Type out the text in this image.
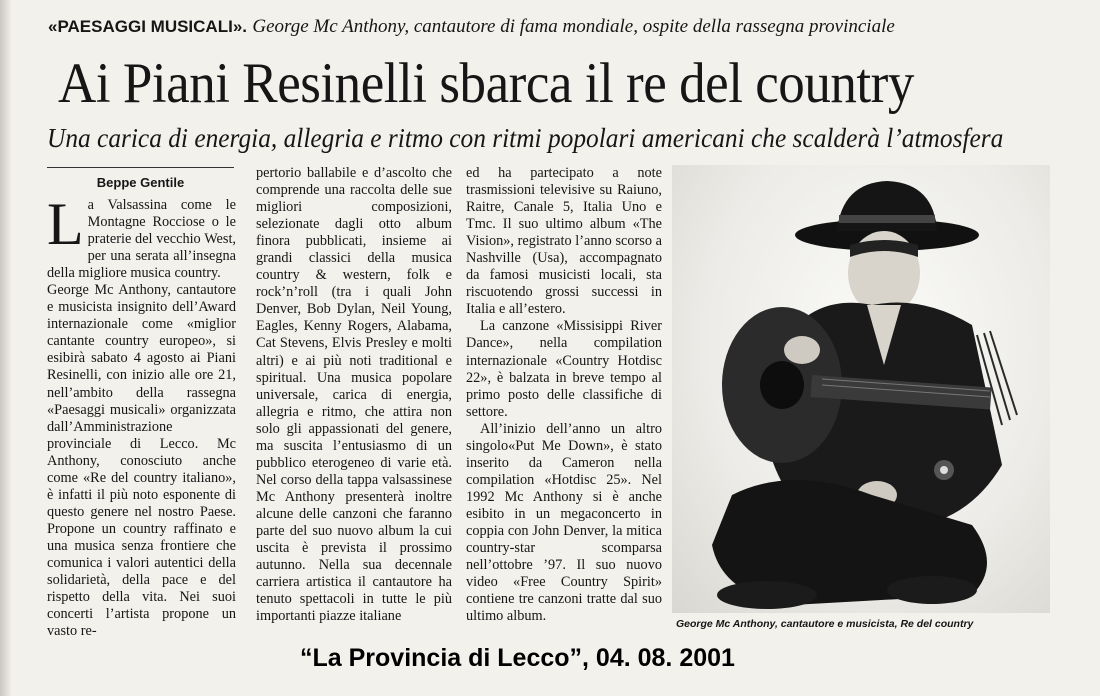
«PAESAGGI MUSICALI». George Mc Anthony, cantautore di fama mondiale, ospite della rassegna provinciale
Ai Piani Resinelli sbarca il re del country
Una carica di energia, allegria e ritmo con ritmi popolari americani che scalderà l’atmosfera
Beppe Gentile

La Valsassina come le Montagne Rocciose o le praterie del vecchio West, per una serata all’insegna della migliore musica country.

George Mc Anthony, cantautore e musicista insignito dell’Award internazionale come «miglior cantante country europeo», si esibirà sabato 4 agosto ai Piani Resinelli, con inizio alle ore 21, nell’ambito della rassegna «Paesaggi musicali» organizzata dall’Amministrazione provinciale di Lecco. Mc Anthony, conosciuto anche come «Re del country italiano», è infatti il più noto esponente di questo genere nel nostro Paese. Propone un country raffinato e una musica senza frontiere che comunica i valori autentici della solidarietà, della pace e del rispetto della vita. Nei suoi concerti l’artista propone un vasto re-

pertorio ballabile e d’ascolto che comprende una raccolta delle sue migliori composizioni, selezionate dagli otto album finora pubblicati, insieme ai grandi classici della musica country & western, folk e rock’n’roll (tra i quali John Denver, Bob Dylan, Neil Young, Eagles, Kenny Rogers, Alabama, Cat Stevens, Elvis Presley e molti altri) e ai più noti traditional e spiritual. Una musica popolare universale, carica di energia, allegria e ritmo, che attira non solo gli appassionati del genere, ma suscita l’entusiasmo di un pubblico eterogeneo di varie età. Nel corso della tappa valsassinese Mc Anthony presenterà inoltre alcune delle canzoni che faranno parte del suo nuovo album la cui uscita è prevista il prossimo autunno. Nella sua decennale carriera artistica il cantautore ha tenuto spettacoli in tutte le più importanti piazze italiane

ed ha partecipato a note trasmissioni televisive su Raiuno, Raitre, Canale 5, Italia Uno e Tmc. Il suo ultimo album «The Vision», registrato l’anno scorso a Nashville (Usa), accompagnato da famosi musicisti locali, sta riscuotendo grossi successi in Italia e all’estero.

La canzone «Missisippi River Dance», nella compilation internazionale «Country Hotdisc 22», è balzata in breve tempo al primo posto delle classifiche di settore.

All’inizio dell’anno un altro singolo«Put Me Down», è stato inserito da Cameron nella compilation «Hotdisc 25». Nel 1992 Mc Anthony si è anche esibito in un megaconcerto in coppia con John Denver, la mitica country-star scomparsa nell’ottobre ’97. Il suo nuovo video «Free Country Spirit» contiene tre canzoni tratte dal suo ultimo album.	George Mc Anthony, cantautore e musicista, Re del country
“La Provincia di Lecco”, 04. 08. 2001
